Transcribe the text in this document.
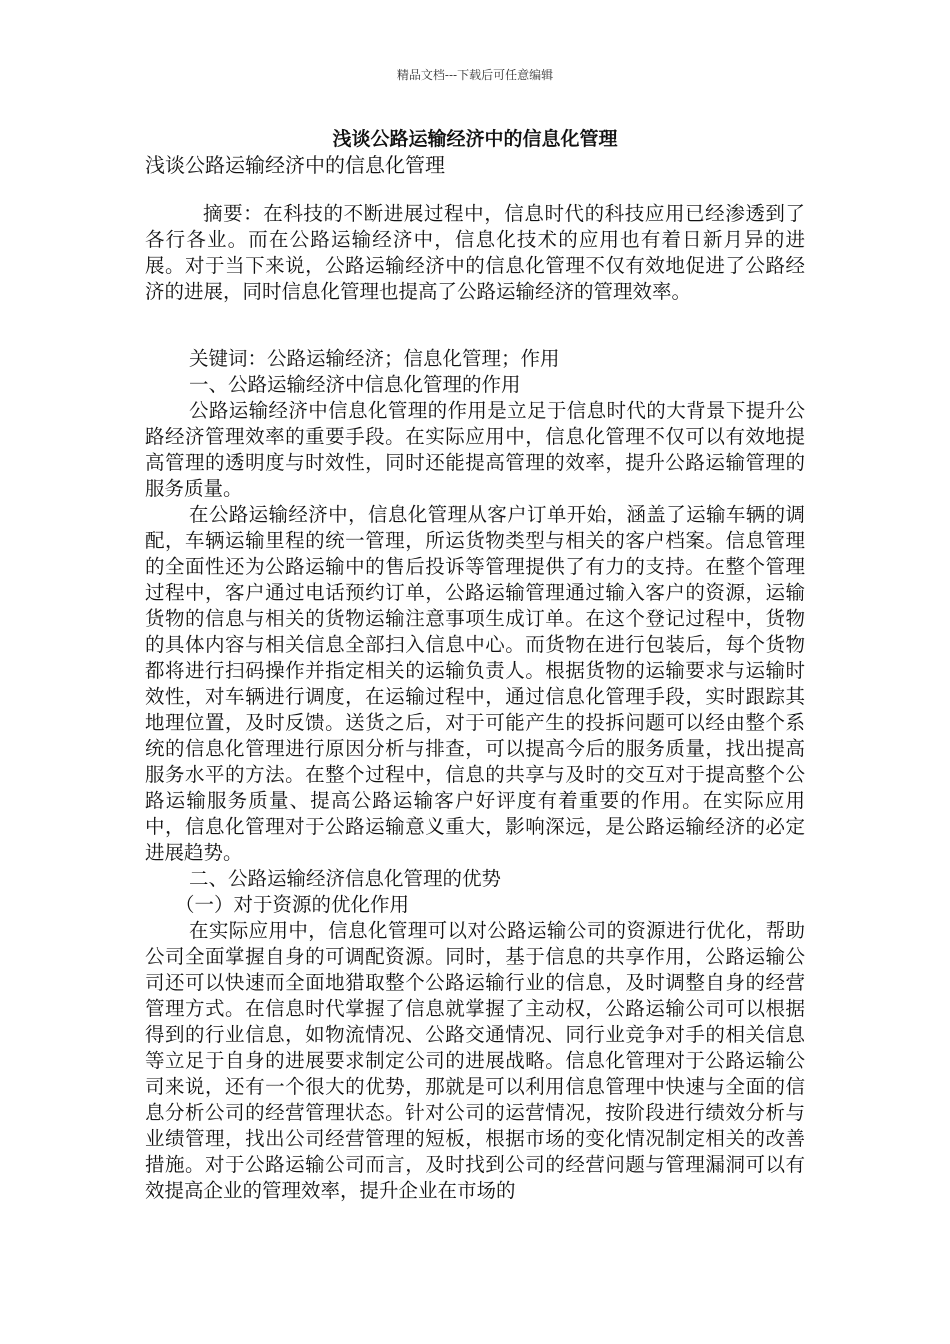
精品文档---下载后可任意编辑
浅谈公路运输经济中的信息化管理
浅谈公路运输经济中的信息化管理

摘要：在科技的不断进展过程中，信息时代的科技应用已经渗透到了各行各业。而在公路运输经济中，信息化技术的应用也有着日新月异的进展。对于当下来说，公路运输经济中的信息化管理不仅有效地促进了公路经济的进展，同时信息化管理也提高了公路运输经济的管理效率。

关键词：公路运输经济；信息化管理；作用

一、公路运输经济中信息化管理的作用

公路运输经济中信息化管理的作用是立足于信息时代的大背景下提升公路经济管理效率的重要手段。在实际应用中，信息化管理不仅可以有效地提高管理的透明度与时效性，同时还能提高管理的效率，提升公路运输管理的服务质量。

在公路运输经济中，信息化管理从客户订单开始，涵盖了运输车辆的调配，车辆运输里程的统一管理，所运货物类型与相关的客户档案。信息管理的全面性还为公路运输中的售后投诉等管理提供了有力的支持。在整个管理过程中，客户通过电话预约订单，公路运输管理通过输入客户的资源，运输货物的信息与相关的货物运输注意事项生成订单。在这个登记过程中，货物的具体内容与相关信息全部扫入信息中心。而货物在进行包装后，每个货物都将进行扫码操作并指定相关的运输负责人。根据货物的运输要求与运输时效性，对车辆进行调度，在运输过程中，通过信息化管理手段，实时跟踪其地理位置，及时反馈。送货之后，对于可能产生的投拆问题可以经由整个系统的信息化管理进行原因分析与排查，可以提高今后的服务质量，找出提高服务水平的方法。在整个过程中，信息的共享与及时的交互对于提高整个公路运输服务质量、提高公路运输客户好评度有着重要的作用。在实际应用中，信息化管理对于公路运输意义重大，影响深远，是公路运输经济的必定进展趋势。

二、公路运输经济信息化管理的优势

（一）对于资源的优化作用

在实际应用中，信息化管理可以对公路运输公司的资源进行优化，帮助公司全面掌握自身的可调配资源。同时，基于信息的共享作用，公路运输公司还可以快速而全面地猎取整个公路运输行业的信息，及时调整自身的经营管理方式。在信息时代掌握了信息就掌握了主动权，公路运输公司可以根据得到的行业信息，如物流情况、公路交通情况、同行业竞争对手的相关信息等立足于自身的进展要求制定公司的进展战略。信息化管理对于公路运输公司来说，还有一个很大的优势，那就是可以利用信息管理中快速与全面的信息分析公司的经营管理状态。针对公司的运营情况，按阶段进行绩效分析与业绩管理，找出公司经营管理的短板，根据市场的变化情况制定相关的改善措施。对于公路运输公司而言，及时找到公司的经营问题与管理漏洞可以有效提高企业的管理效率，提升企业在市场的
